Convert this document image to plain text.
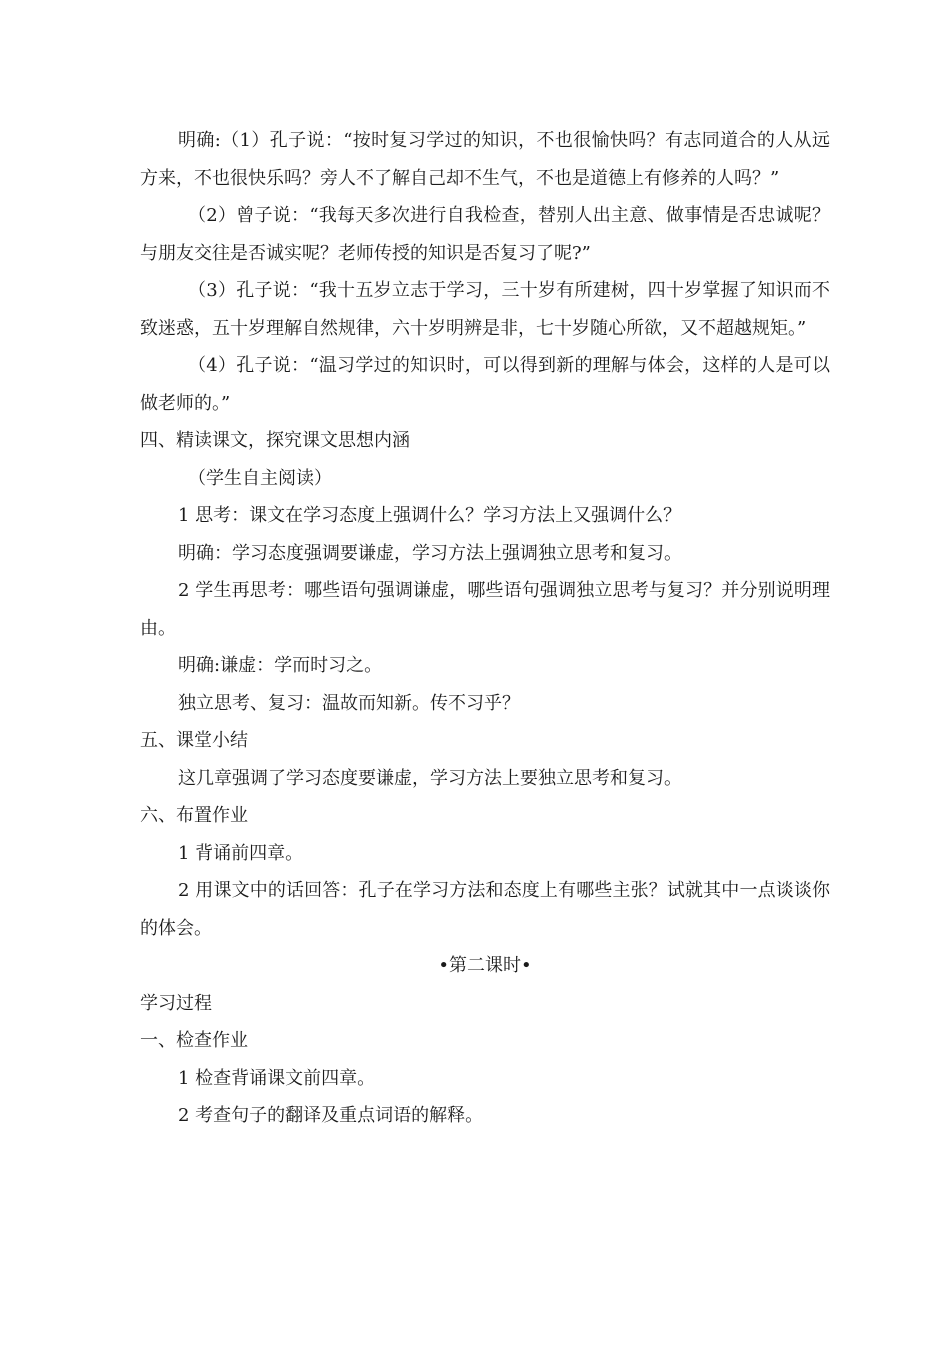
明确:（1）孔子说：“按时复习学过的知识，不也很愉快吗？有志同道合的人从远方来，不也很快乐吗？旁人不了解自己却不生气，不也是道德上有修养的人吗？”

（2）曾子说：“我每天多次进行自我检查，替别人出主意、做事情是否忠诚呢？与朋友交往是否诚实呢？老师传授的知识是否复习了呢?”

（3）孔子说：“我十五岁立志于学习，三十岁有所建树，四十岁掌握了知识而不致迷惑，五十岁理解自然规律，六十岁明辨是非，七十岁随心所欲，又不超越规矩。”

（4）孔子说：“温习学过的知识时，可以得到新的理解与体会，这样的人是可以做老师的。”

四、精读课文，探究课文思想内涵

（学生自主阅读）

1 思考：课文在学习态度上强调什么？学习方法上又强调什么？

明确：学习态度强调要谦虚，学习方法上强调独立思考和复习。

2 学生再思考：哪些语句强调谦虚，哪些语句强调独立思考与复习？并分别说明理由。

明确:谦虚：学而时习之。

独立思考、复习：温故而知新。传不习乎？

五、课堂小结

这几章强调了学习态度要谦虚，学习方法上要独立思考和复习。

六、布置作业

1 背诵前四章。

2 用课文中的话回答：孔子在学习方法和态度上有哪些主张？试就其中一点谈谈你的体会。

•第二课时•

学习过程

一、检查作业

1 检查背诵课文前四章。

2 考查句子的翻译及重点词语的解释。
